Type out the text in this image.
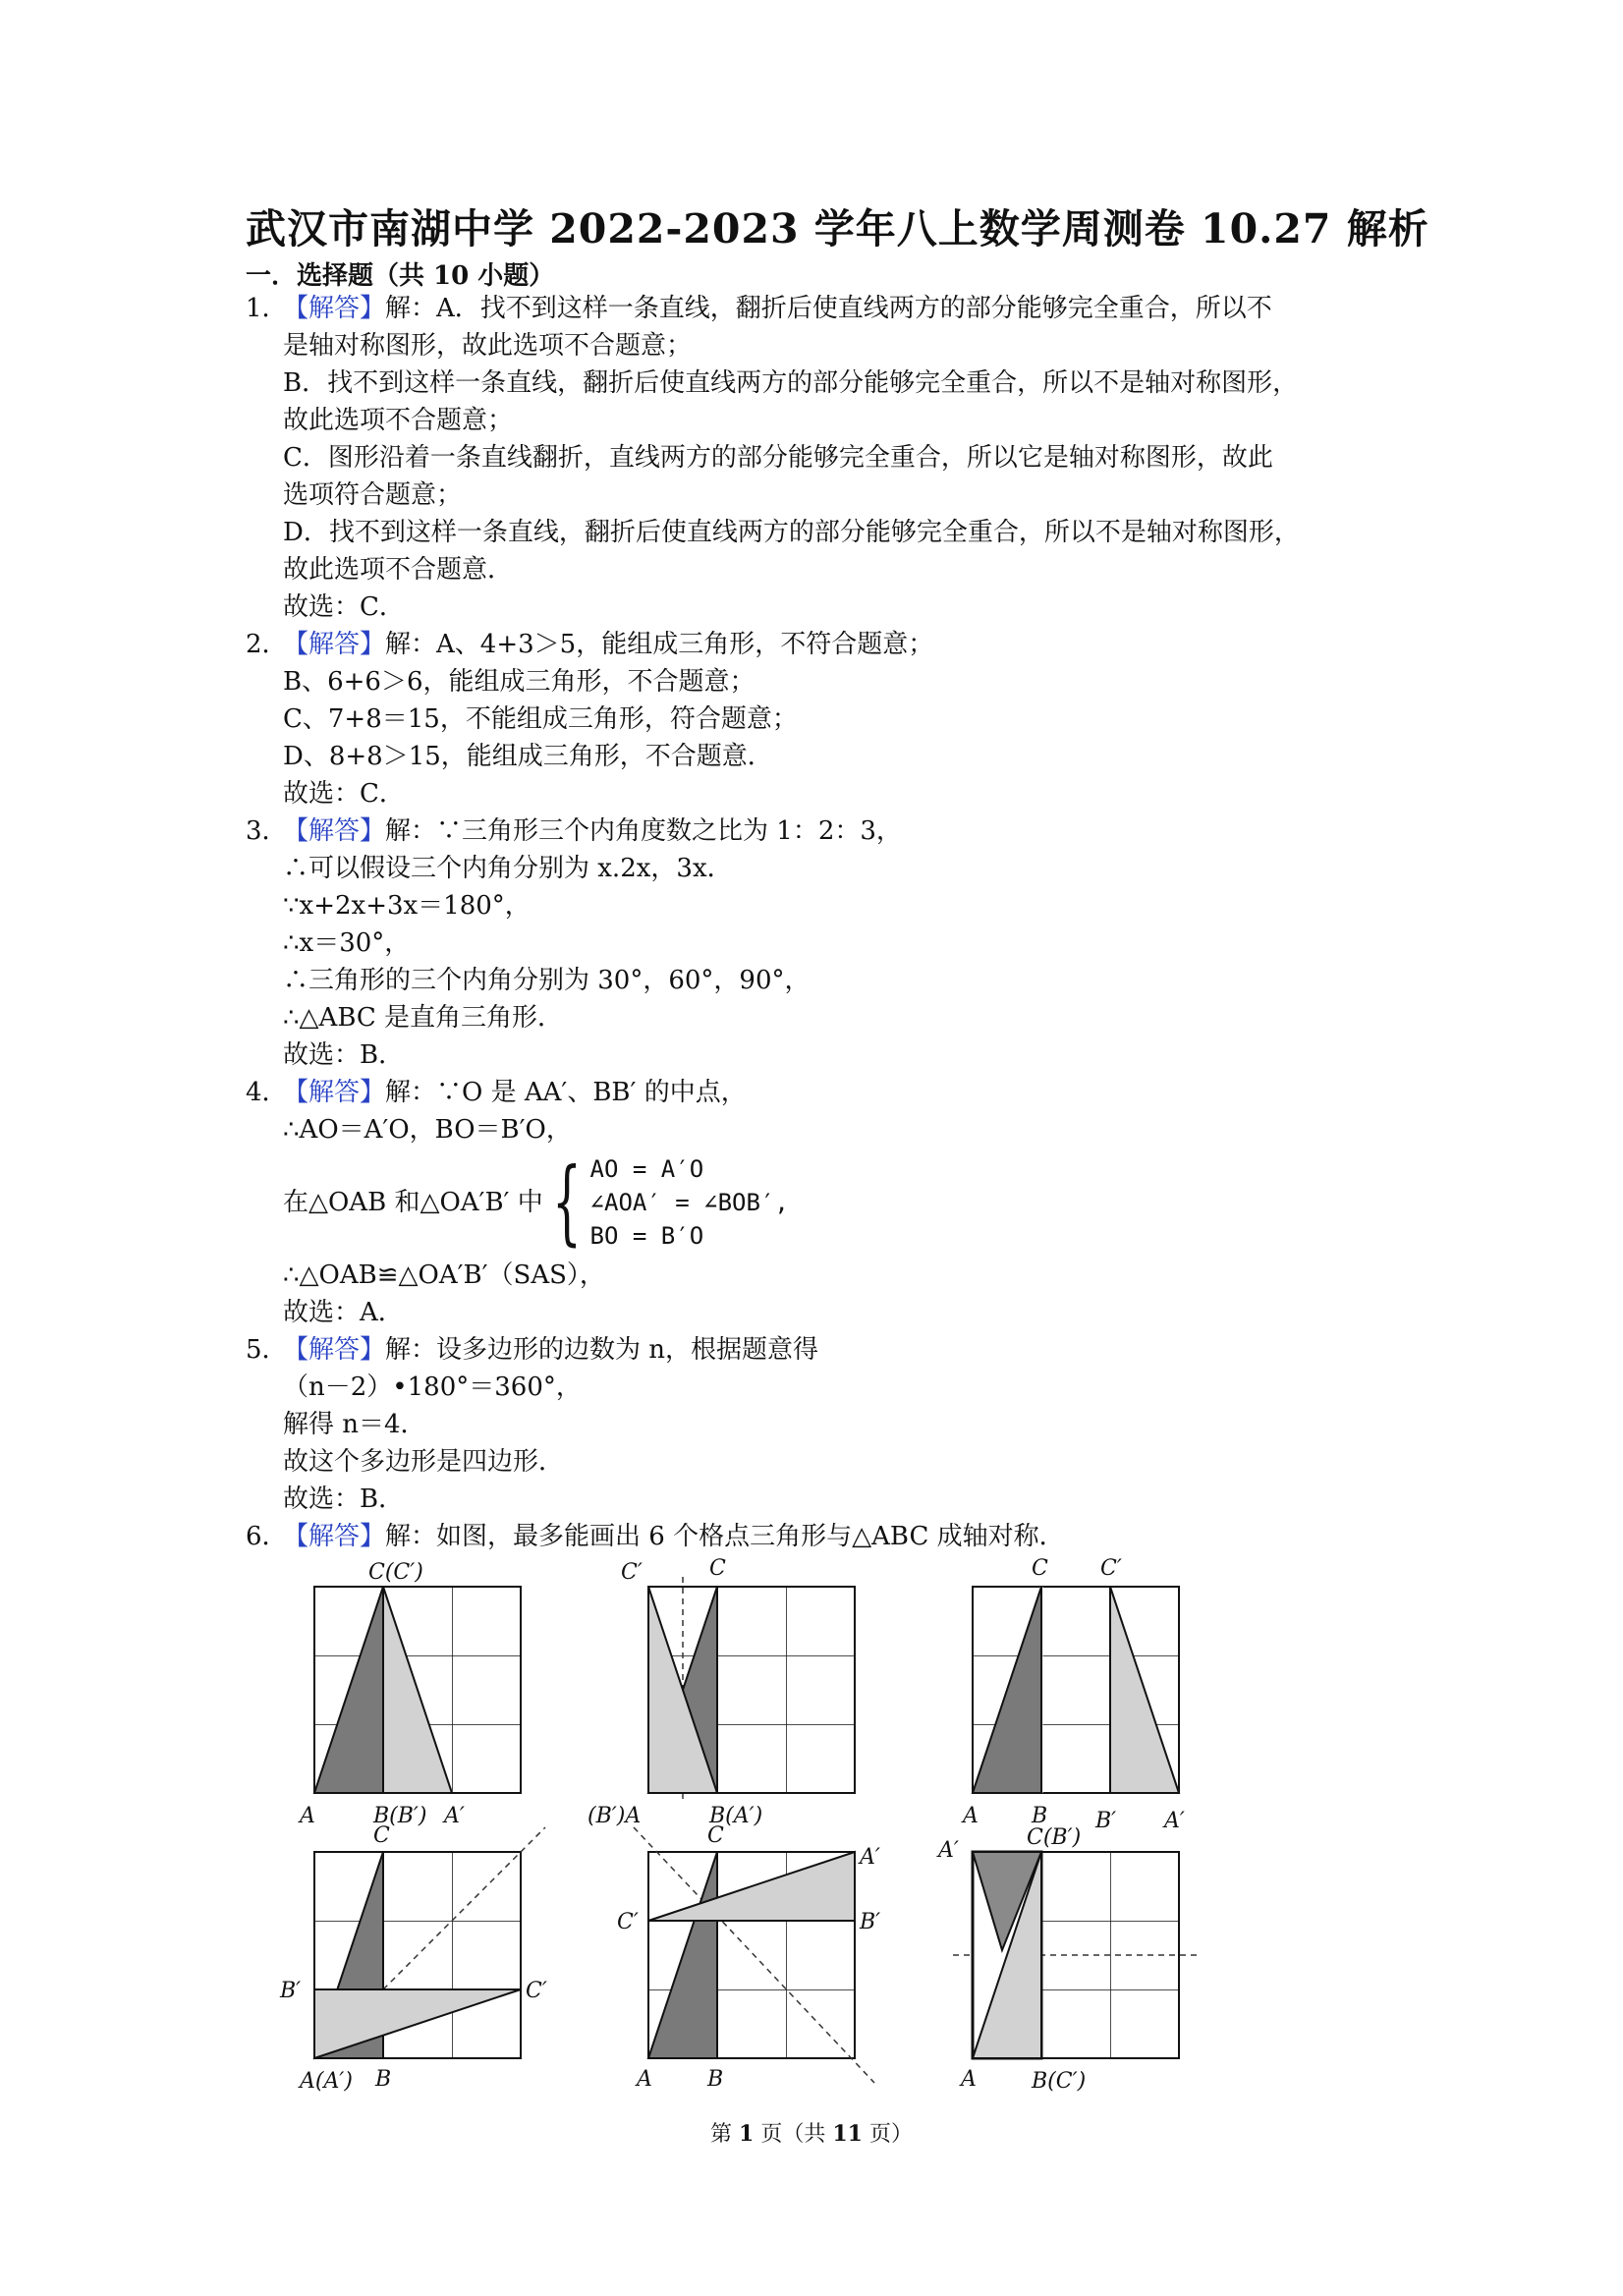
武汉市南湖中学 2022-2023 学年八上数学周测卷 10.27 解析
一．选择题（共 10 小题）
1．
【解答】解：A．找不到这样一条直线，翻折后使直线两方的部分能够完全重合，所以不
是轴对称图形，故此选项不合题意；
B．找不到这样一条直线，翻折后使直线两方的部分能够完全重合，所以不是轴对称图形，
故此选项不合题意；
C．图形沿着一条直线翻折，直线两方的部分能够完全重合，所以它是轴对称图形，故此
选项符合题意；
D．找不到这样一条直线，翻折后使直线两方的部分能够完全重合，所以不是轴对称图形，
故此选项不合题意．
故选：C．
2．
【解答】解：A、4+3＞5，能组成三角形，不符合题意；
B、6+6＞6，能组成三角形，不合题意；
C、7+8＝15，不能组成三角形，符合题意；
D、8+8＞15，能组成三角形，不合题意．
故选：C．
3．
【解答】解：∵三角形三个内角度数之比为 1：2：3，
∴可以假设三个内角分别为 x.2x，3x．
∵x+2x+3x＝180°，
∴x＝30°，
∴三角形的三个内角分别为 30°，60°，90°，
∴△ABC 是直角三角形．
故选：B．
4．
【解答】解：∵O 是 AA′、BB′ 的中点，
∴AO＝A′O，BO＝B′O，
在△OAB 和△OA′B′ 中 { AO = A′O
∠AOA′ = ∠BOB′,
BO = B′O
∴△OAB≌△OA′B′（SAS），
故选：A．
5．
【解答】解：设多边形的边数为 n，根据题意得
（n－2）•180°＝360°，
解得 n＝4．
故这个多边形是四边形．
故选：B．
6．
【解答】解：如图，最多能画出 6 个格点三角形与△ABC 成轴对称．
C(C′)
A	B(B′) A′
C′	C
(B′)A	B(A′)
C C′
A B B′ A′
C
B′	C′
A(A′) B
C
A′
C′	B′
A	B
A′
C(B′)
A	B(C′)
第 1 页（共 11 页）
